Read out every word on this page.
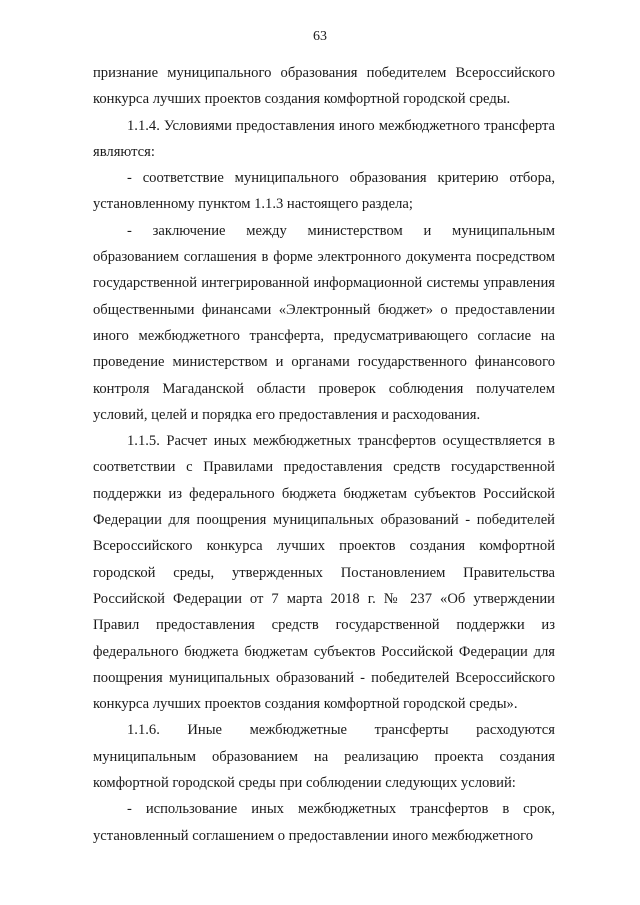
63

признание муниципального образования победителем Всероссийского конкурса лучших проектов создания комфортной городской среды.

1.1.4. Условиями предоставления иного межбюджетного трансферта являются:

- соответствие муниципального образования критерию отбора, установленному пунктом 1.1.3 настоящего раздела;

- заключение между министерством и муниципальным образованием соглашения в форме электронного документа посредством государственной интегрированной информационной системы управления общественными финансами «Электронный бюджет» о предоставлении иного межбюджетного трансферта, предусматривающего согласие на проведение министерством и органами государственного финансового контроля Магаданской области проверок соблюдения получателем условий, целей и порядка его предоставления и расходования.

1.1.5. Расчет иных межбюджетных трансфертов осуществляется в соответствии с Правилами предоставления средств государственной поддержки из федерального бюджета бюджетам субъектов Российской Федерации для поощрения муниципальных образований - победителей Всероссийского конкурса лучших проектов создания комфортной городской среды, утвержденных Постановлением Правительства Российской Федерации от 7 марта 2018 г. № 237 «Об утверждении Правил предоставления средств государственной поддержки из федерального бюджета бюджетам субъектов Российской Федерации для поощрения муниципальных образований - победителей Всероссийского конкурса лучших проектов создания комфортной городской среды».

1.1.6. Иные межбюджетные трансферты расходуются муниципальным образованием на реализацию проекта создания комфортной городской среды при соблюдении следующих условий:

- использование иных межбюджетных трансфертов в срок, установленный соглашением о предоставлении иного межбюджетного
